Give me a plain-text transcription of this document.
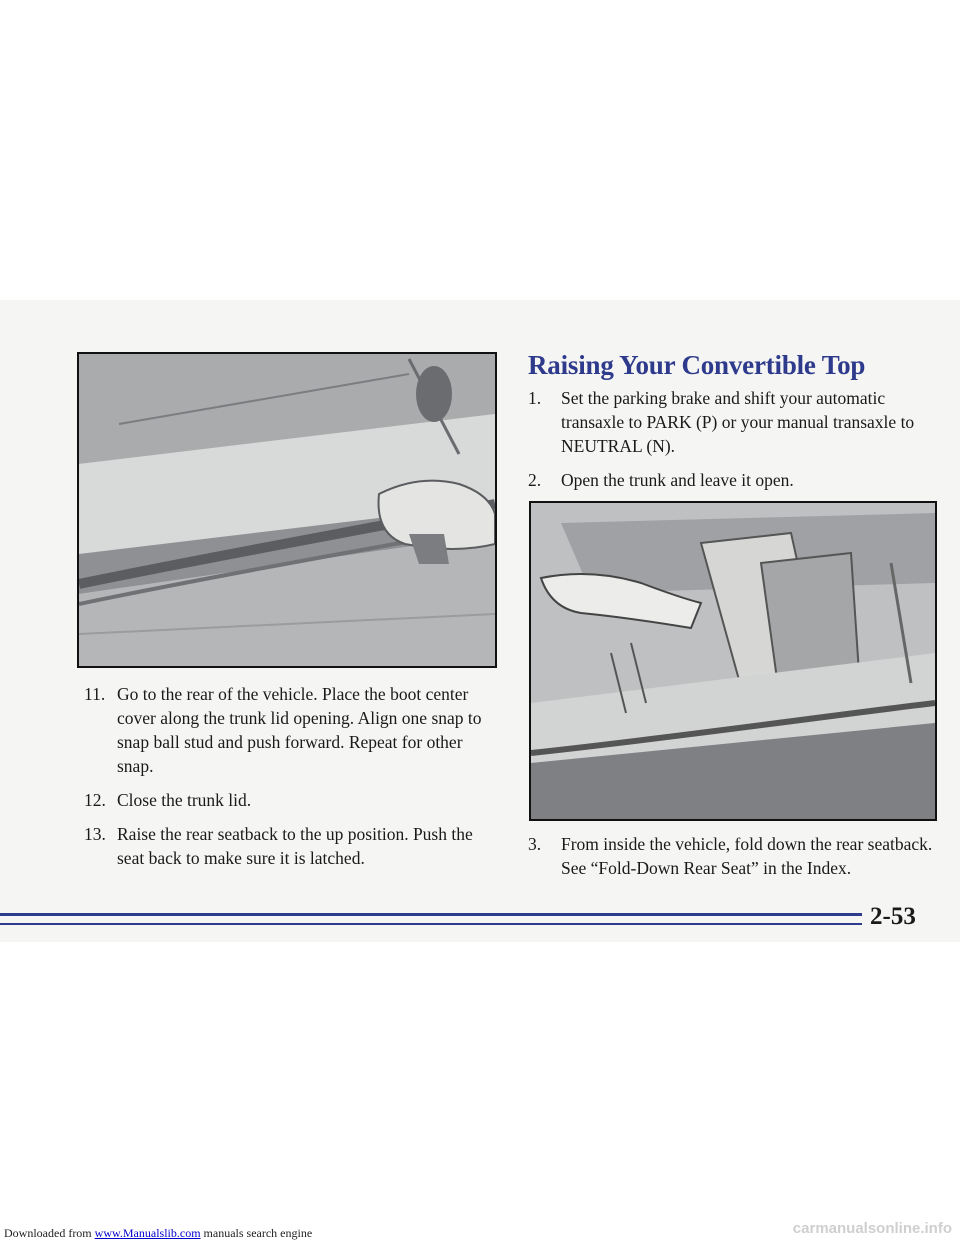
Raising Your Convertible Top
1. Set the parking brake and shift your automatic transaxle to PARK (P) or your manual transaxle to NEUTRAL (N).
2. Open the trunk and leave it open.
11. Go to the rear of the vehicle. Place the boot center cover along the trunk lid opening. Align one snap to snap ball stud and push forward. Repeat for other snap.
12. Close the trunk lid.
13. Raise the rear seatback to the up position. Push the seat back to make sure it is latched.
3. From inside the vehicle, fold down the rear seatback. See “Fold-Down Rear Seat” in the Index.

2-53

Downloaded from www.Manualslib.com manuals search engine	carmanualsonline.info
